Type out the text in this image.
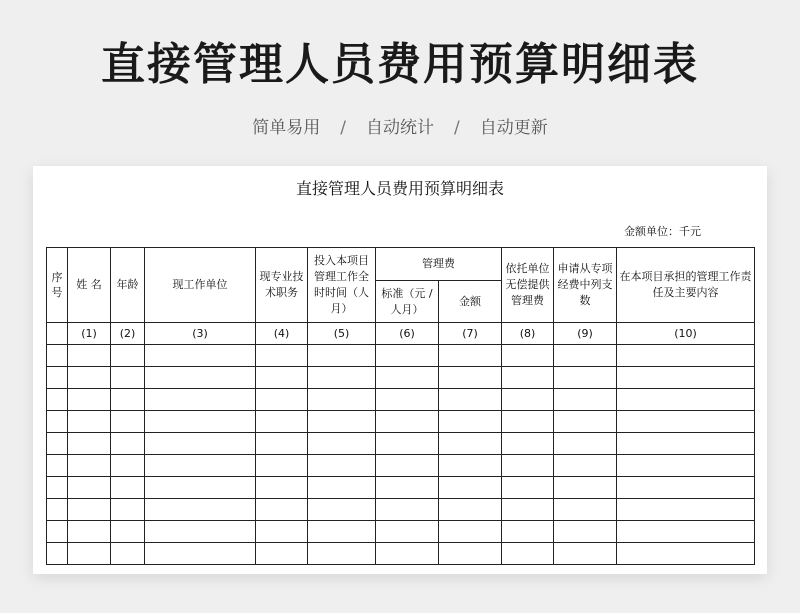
直接管理人员费用预算明细表
简单易用 / 自动统计 / 自动更新
直接管理人员费用预算明细表
金额单位：千元
序号	姓 名	年龄	现工作单位	现专业技术职务	投入本项目管理工作全时时间（人月）	管理费		依托单位无偿提供管理费	申请从专项经费中列支数	在本项目承担的管理工作责任及主要内容
						标准（元 / 人月）	金额			
	(1)	(2)	(3)	(4)	(5)	(6)	(7)	(8)	(9)	(10)
